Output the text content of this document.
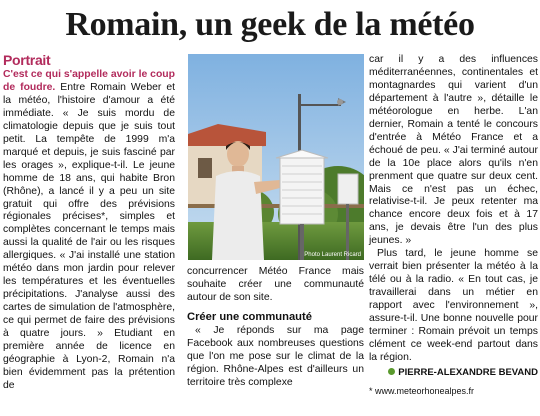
Romain, un geek de la météo

Portrait

C'est ce qui s'appelle avoir le coup de foudre. Entre Romain Weber et la météo, l'histoire d'amour a été immédiate. « Je suis mordu de climatologie depuis que je suis tout petit. La tempête de 1999 m'a marqué et depuis, je suis fasciné par les orages », explique-t-il. Le jeune homme de 18 ans, qui habite Bron (Rhône), a lancé il y a peu un site gratuit qui offre des prévisions régionales précises*, simples et complètes concernant le temps mais aussi la qualité de l'air ou les risques allergiques. « J'ai installé une station météo dans mon jardin pour relever les températures et les éventuelles précipitations. J'analyse aussi des cartes de simulation de l'atmosphère, ce qui permet de faire des prévisions à quatre jours. » Etudiant en première année de licence en géographie à Lyon-2, Romain n'a bien évidemment pas la prétention de

Photo Laurent Ricard

concurrencer Météo France mais souhaite créer une communauté autour de son site.

Créer une communauté

« Je réponds sur ma page Facebook aux nombreuses questions que l'on me pose sur le climat de la région. Rhône-Alpes est d'ailleurs un territoire très complexe

car il y a des influences méditerranéennes, continentales et montagnardes qui varient d'un département à l'autre », détaille le météorologue en herbe. L'an dernier, Romain a tenté le concours d'entrée à Météo France et a échoué de peu. « J'ai terminé autour de la 10e place alors qu'ils n'en prenment que quatre sur deux cent. Mais ce n'est pas un échec, relativise-t-il. Je peux retenter ma chance encore deux fois et à 17 ans, je devais être l'un des plus jeunes. »

Plus tard, le jeune homme se verrait bien présenter la météo à la télé ou à la radio. « En tout cas, je travaillerai dans un métier en rapport avec l'environnement », assure-t-il. Une bonne nouvelle pour terminer : Romain prévoit un temps clément ce week-end partout dans la région.

PIERRE-ALEXANDRE BEVAND

* www.meteorhonealpes.fr
